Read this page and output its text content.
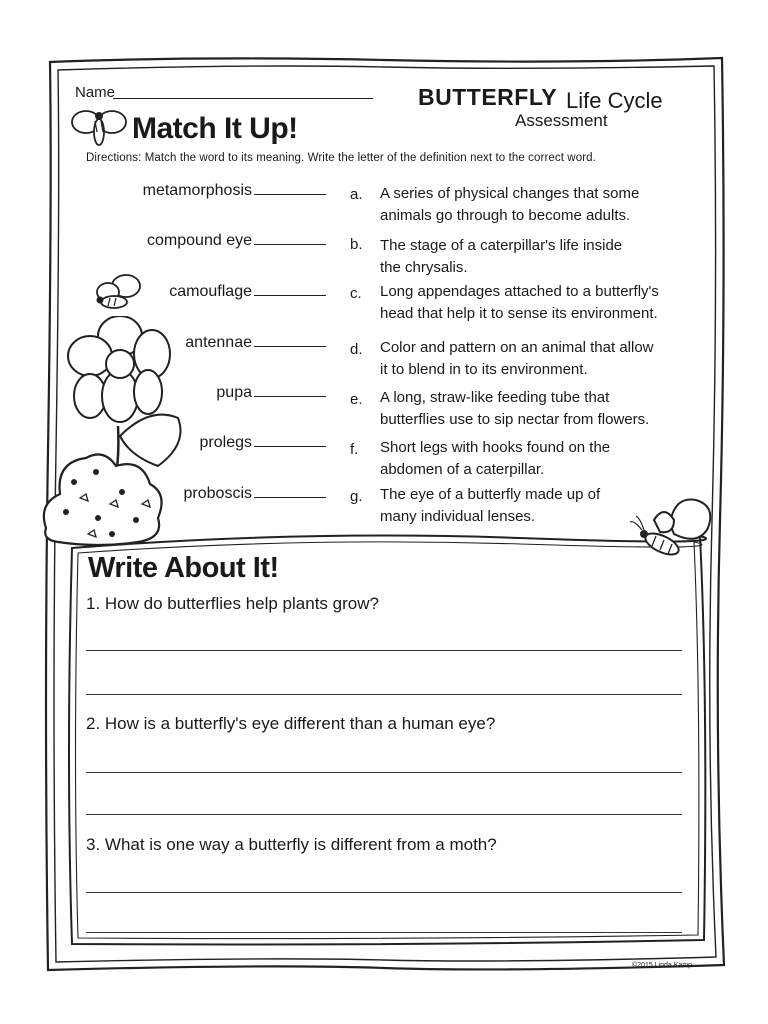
Name	BUTTERFLY Life Cycle
Assessment
Match It Up!
Directions: Match the word to its meaning. Write the letter of the definition next to the correct word.
metamorphosis
compound eye
camouflage
antennae
pupa
prolegs
proboscis
a. A series of physical changes that some
animals go through to become adults.
b. The stage of a caterpillar's life inside
the chrysalis.
c. Long appendages attached to a butterfly's
head that help it to sense its environment.
d. Color and pattern on an animal that allow
it to blend in to its environment.
e. A long, straw-like feeding tube that
butterflies use to sip nectar from flowers.
f. Short legs with hooks found on the
abdomen of a caterpillar.
g. The eye of a butterfly made up of
many individual lenses.
Write About It!
1. How do butterflies help plants grow?
2. How is a butterfly's eye different than a human eye?
3. What is one way a butterfly is different from a moth?
©2015 Linda Kamp
